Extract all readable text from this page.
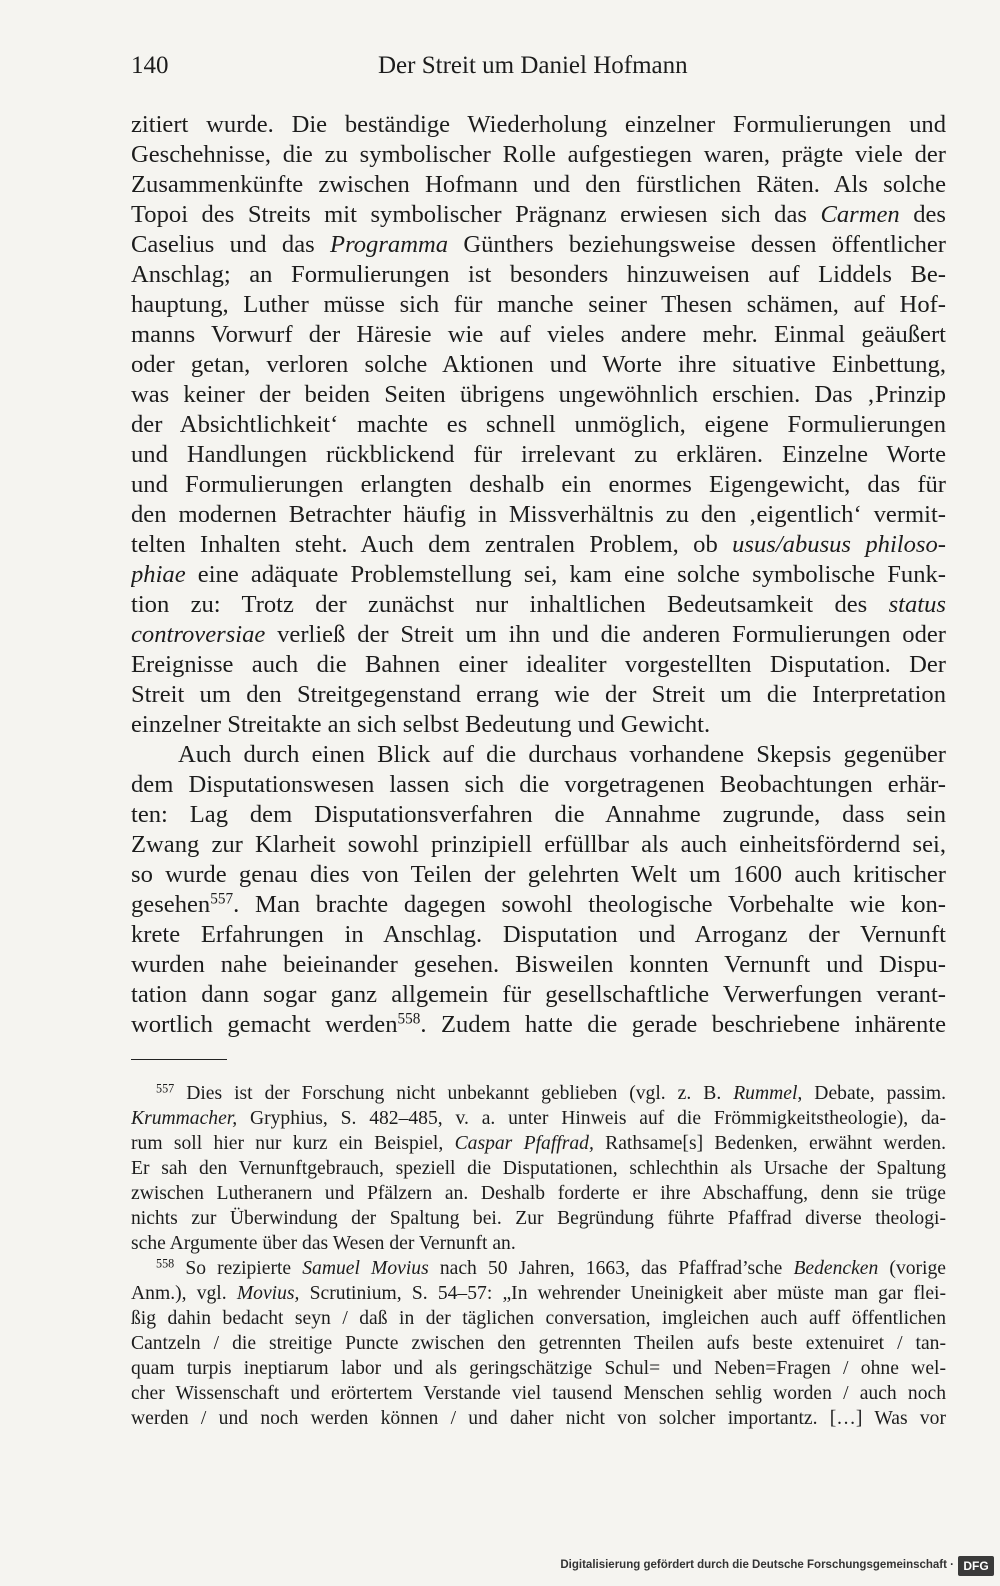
140	Der Streit um Daniel Hofmann
zitiert wurde. Die beständige Wiederholung einzelner Formulierungen und
Geschehnisse, die zu symbolischer Rolle aufgestiegen waren, prägte viele der
Zusammenkünfte zwischen Hofmann und den fürstlichen Räten. Als solche
Topoi des Streits mit symbolischer Prägnanz erwiesen sich das Carmen des
Caselius und das Programma Günthers beziehungsweise dessen öffentlicher
Anschlag; an Formulierungen ist besonders hinzuweisen auf Liddels Be-
hauptung, Luther müsse sich für manche seiner Thesen schämen, auf Hof-
manns Vorwurf der Häresie wie auf vieles andere mehr. Einmal geäußert
oder getan, verloren solche Aktionen und Worte ihre situative Einbettung,
was keiner der beiden Seiten übrigens ungewöhnlich erschien. Das ‚Prinzip
der Absichtlichkeit‘ machte es schnell unmöglich, eigene Formulierungen
und Handlungen rückblickend für irrelevant zu erklären. Einzelne Worte
und Formulierungen erlangten deshalb ein enormes Eigengewicht, das für
den modernen Betrachter häufig in Missverhältnis zu den ‚eigentlich‘ vermit-
telten Inhalten steht. Auch dem zentralen Problem, ob usus/abusus philoso-
phiae eine adäquate Problemstellung sei, kam eine solche symbolische Funk-
tion zu: Trotz der zunächst nur inhaltlichen Bedeutsamkeit des status
controversiae verließ der Streit um ihn und die anderen Formulierungen oder
Ereignisse auch die Bahnen einer idealiter vorgestellten Disputation. Der
Streit um den Streitgegenstand errang wie der Streit um die Interpretation
einzelner Streitakte an sich selbst Bedeutung und Gewicht.
Auch durch einen Blick auf die durchaus vorhandene Skepsis gegenüber
dem Disputationswesen lassen sich die vorgetragenen Beobachtungen erhär-
ten: Lag dem Disputationsverfahren die Annahme zugrunde, dass sein
Zwang zur Klarheit sowohl prinzipiell erfüllbar als auch einheitsfördernd sei,
so wurde genau dies von Teilen der gelehrten Welt um 1600 auch kritischer
gesehen$^{557}$. Man brachte dagegen sowohl theologische Vorbehalte wie kon-
krete Erfahrungen in Anschlag. Disputation und Arroganz der Vernunft
wurden nahe beieinander gesehen. Bisweilen konnten Vernunft und Dispu-
tation dann sogar ganz allgemein für gesellschaftliche Verwerfungen verant-
wortlich gemacht werden$^{558}$. Zudem hatte die gerade beschriebene inhärente
$^{557}$ Dies ist der Forschung nicht unbekannt geblieben (vgl. z. B. Rummel, Debate, passim.
Krummacher, Gryphius, S. 482–485, v. a. unter Hinweis auf die Frömmigkeitstheologie), da-
rum soll hier nur kurz ein Beispiel, Caspar Pfaffrad, Rathsame[s] Bedenken, erwähnt werden.
Er sah den Vernunftgebrauch, speziell die Disputationen, schlechthin als Ursache der Spaltung
zwischen Lutheranern und Pfälzern an. Deshalb forderte er ihre Abschaffung, denn sie trüge
nichts zur Überwindung der Spaltung bei. Zur Begründung führte Pfaffrad diverse theologi-
sche Argumente über das Wesen der Vernunft an.
$^{558}$ So rezipierte Samuel Movius nach 50 Jahren, 1663, das Pfaffrad’sche Bedencken (vorige
Anm.), vgl. Movius, Scrutinium, S. 54–57: „In wehrender Uneinigkeit aber müste man gar flei-
ßig dahin bedacht seyn / daß in der täglichen conversation, imgleichen auch auff öffentlichen
Cantzeln / die streitige Puncte zwischen den getrennten Theilen aufs beste extenuiret / tan-
quam turpis ineptiarum labor und als geringschätzige Schul= und Neben=Fragen / ohne wel-
cher Wissenschaft und erörtertem Verstande viel tausend Menschen sehlig worden / auch noch
werden / und noch werden können / und daher nicht von solcher importantz. […] Was vor
Digitalisierung gefördert durch die Deutsche Forschungsgemeinschaft · DFG
